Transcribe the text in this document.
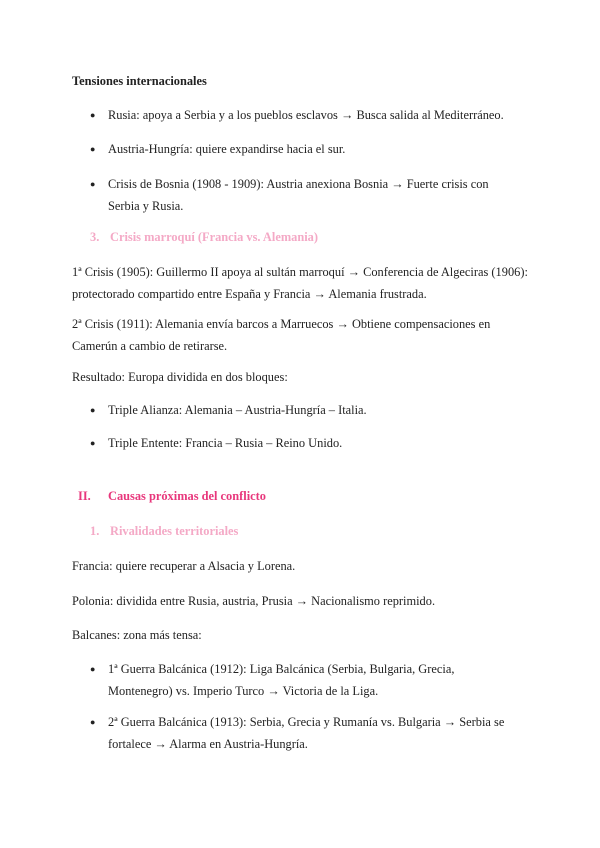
Tensiones internacionales

● Rusia: apoya a Serbia y a los pueblos esclavos → Busca salida al Mediterráneo.
● Austria-Hungría: quiere expandirse hacia el sur.
● Crisis de Bosnia (1908 - 1909): Austria anexiona Bosnia → Fuerte crisis con Serbia y Rusia.

3. Crisis marroquí (Francia vs. Alemania)

1ª Crisis (1905): Guillermo II apoya al sultán marroquí → Conferencia de Algeciras (1906): protectorado compartido entre España y Francia → Alemania frustrada.

2ª Crisis (1911): Alemania envía barcos a Marruecos → Obtiene compensaciones en Camerún a cambio de retirarse.

Resultado: Europa dividida en dos bloques:

● Triple Alianza: Alemania – Austria-Hungría – Italia.
● Triple Entente: Francia – Rusia – Reino Unido.

II. Causas próximas del conflicto

1. Rivalidades territoriales

Francia: quiere recuperar a Alsacia y Lorena.

Polonia: dividida entre Rusia, austria, Prusia → Nacionalismo reprimido.

Balcanes: zona más tensa:

● 1ª Guerra Balcánica (1912): Liga Balcánica (Serbia, Bulgaria, Grecia, Montenegro) vs. Imperio Turco → Victoria de la Liga.
● 2ª Guerra Balcánica (1913): Serbia, Grecia y Rumanía vs. Bulgaria → Serbia se fortalece → Alarma en Austria-Hungría.
